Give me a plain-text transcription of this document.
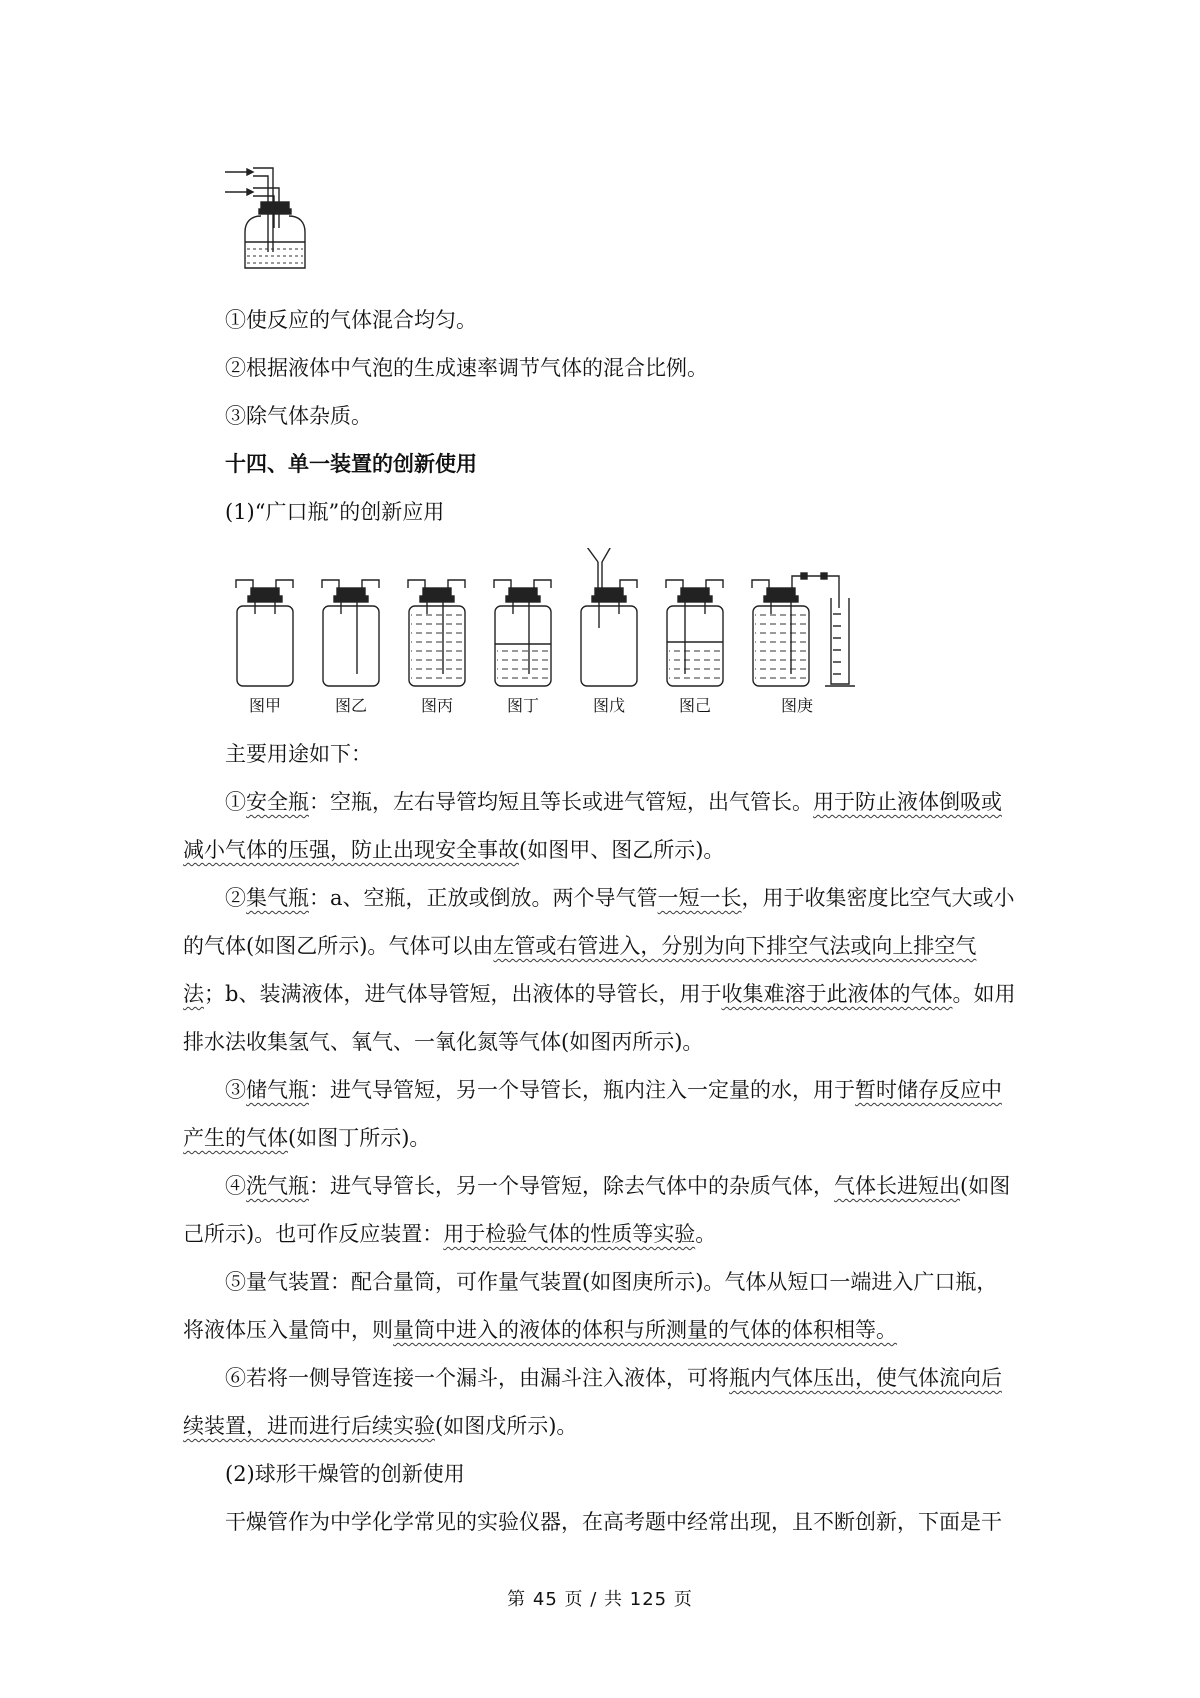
①使反应的气体混合均匀。
②根据液体中气泡的生成速率调节气体的混合比例。
③除气体杂质。
十四、单一装置的创新使用
(1)“广口瓶”的创新应用
图甲	图乙	图丙	图丁	图戊	图己	图庚
主要用途如下：
①安全瓶：空瓶，左右导管均短且等长或进气管短，出气管长。用于防止液体倒吸或
减小气体的压强，防止出现安全事故(如图甲、图乙所示)。
②集气瓶：a、空瓶，正放或倒放。两个导气管一短一长，用于收集密度比空气大或小
的气体(如图乙所示)。气体可以由左管或右管进入，分别为向下排空气法或向上排空气
法；b、装满液体，进气体导管短，出液体的导管长，用于收集难溶于此液体的气体。如用
排水法收集氢气、氧气、一氧化氮等气体(如图丙所示)。
③储气瓶：进气导管短，另一个导管长，瓶内注入一定量的水，用于暂时储存反应中
产生的气体(如图丁所示)。
④洗气瓶：进气导管长，另一个导管短，除去气体中的杂质气体，气体长进短出(如图
己所示)。也可作反应装置：用于检验气体的性质等实验。
⑤量气装置：配合量筒，可作量气装置(如图庚所示)。气体从短口一端进入广口瓶，
将液体压入量筒中，则量筒中进入的液体的体积与所测量的气体的体积相等。
⑥若将一侧导管连接一个漏斗，由漏斗注入液体，可将瓶内气体压出，使气体流向后
续装置，进而进行后续实验(如图戊所示)。
(2)球形干燥管的创新使用
干燥管作为中学化学常见的实验仪器，在高考题中经常出现，且不断创新，下面是干
第 45 页 / 共 125 页
